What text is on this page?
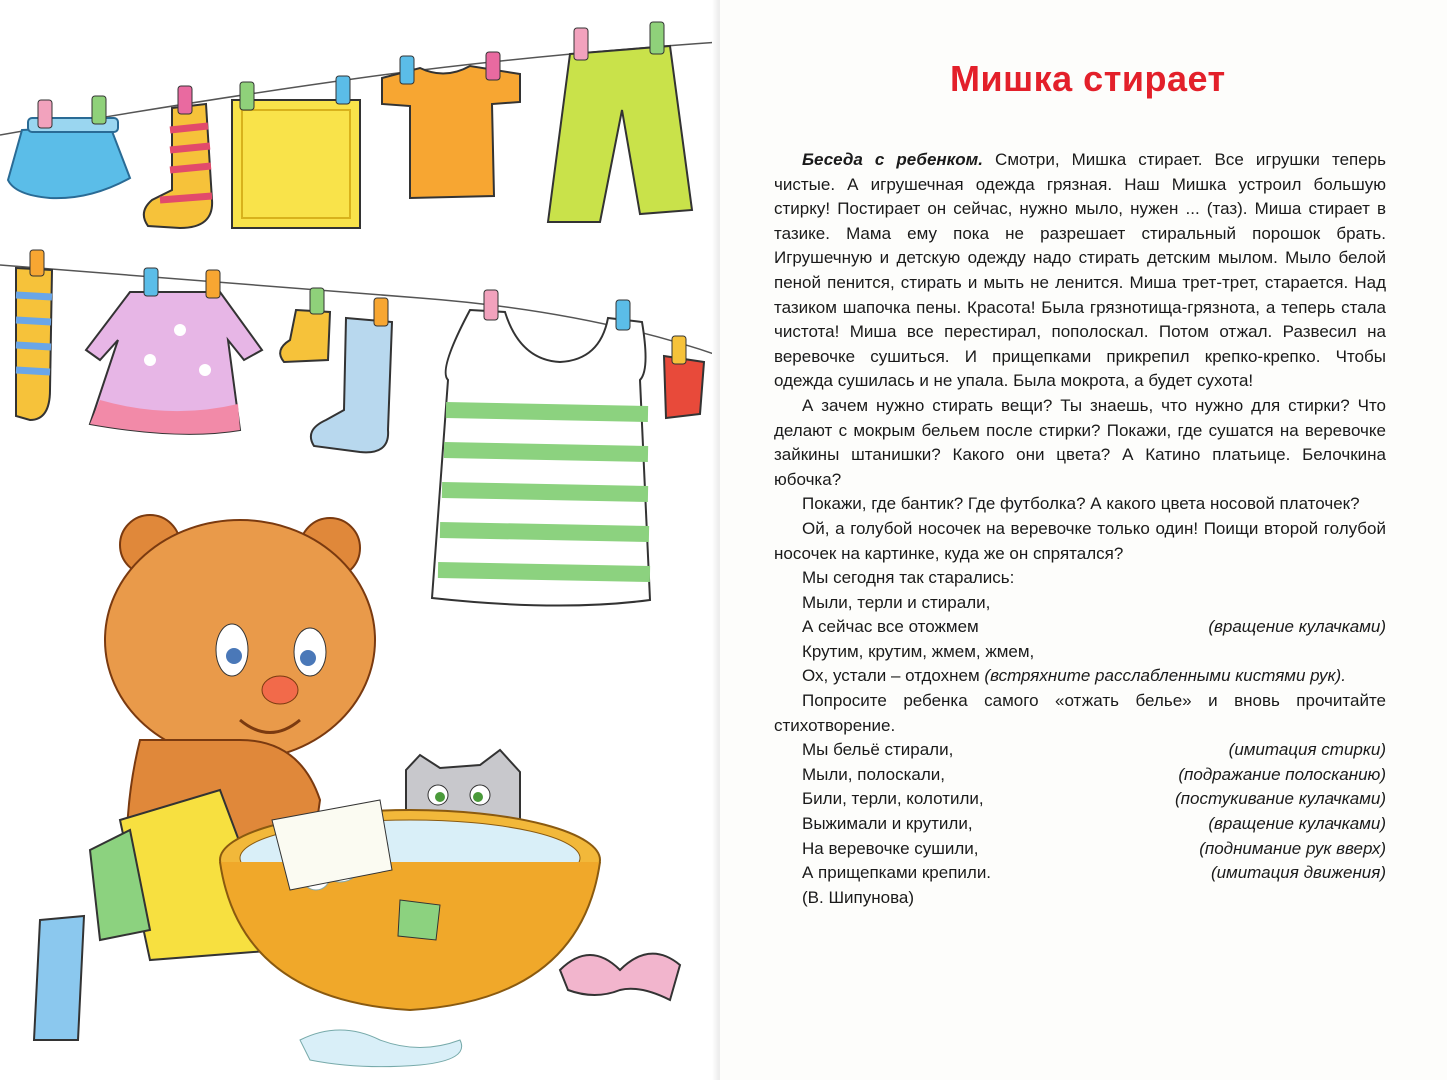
Мишка стирает

Беседа с ребенком. Смотри, Мишка стирает. Все игрушки теперь чистые. А игрушечная одежда грязная. Наш Мишка устроил большую стирку! Постирает он сейчас, нужно мыло, нужен ... (таз). Миша стирает в тазике. Мама ему пока не разрешает стиральный порошок брать. Игрушечную и детскую одежду надо стирать детским мылом. Мыло белой пеной пенится, стирать и мыть не ленится. Миша трет-трет, старается. Над тазиком шапочка пены. Красота! Была грязнотища-грязнота, а теперь стала чистота! Миша все перестирал, пополоскал. Потом отжал. Развесил на веревочке сушиться. И прищепками прикрепил крепко-крепко. Чтобы одежда сушилась и не упала. Была мокрота, а будет сухота!

А зачем нужно стирать вещи? Ты знаешь, что нужно для стирки? Что делают с мокрым бельем после стирки? Покажи, где сушатся на веревочке зайкины штанишки? Какого они цвета? А Катино платьице. Белочкина юбочка?

Покажи, где бантик? Где футболка? А какого цвета носовой платочек?

Ой, а голубой носочек на веревочке только один! Поищи второй голубой носочек на картинке, куда же он спрятался?

Мы сегодня так старались:
Мыли, терли и стирали,
А сейчас все отожмем	(вращение кулачками)
Крутим, крутим, жмем, жмем,

Ох, устали – отдохнем (встряхните расслабленными кистями рук).

Попросите ребенка самого «отжать белье» и вновь прочитайте стихотворение.

Мы бельё стирали,	(имитация стирки)
Мыли, полоскали,	(подражание полосканию)
Били, терли, колотили,	(постукивание кулачками)
Выжимали и крутили,	(вращение кулачками)
На веревочке сушили,	(поднимание рук вверх)
А прищепками крепили.	(имитация движения)
(В. Шипунова)
